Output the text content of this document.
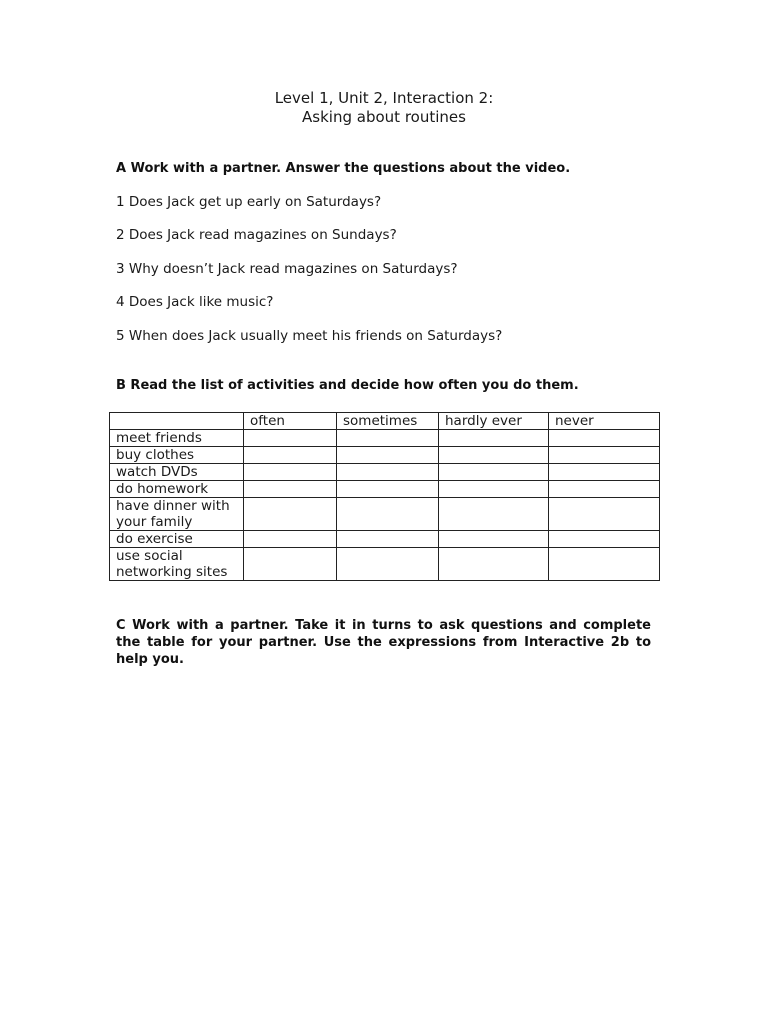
Level 1, Unit 2, Interaction 2:
Asking about routines
A Work with a partner. Answer the questions about the video.
1 Does Jack get up early on Saturdays?
2 Does Jack read magazines on Sundays?
3 Why doesn’t Jack read magazines on Saturdays?
4 Does Jack like music?
5 When does Jack usually meet his friends on Saturdays?
B Read the list of activities and decide how often you do them.
	often	sometimes	hardly ever	never
meet friends				
buy clothes				
watch DVDs				
do homework				
have dinner with your family				
do exercise				
use social networking sites				
C Work with a partner. Take it in turns to ask questions and complete the table for your partner. Use the expressions from Interactive 2b to help you.
